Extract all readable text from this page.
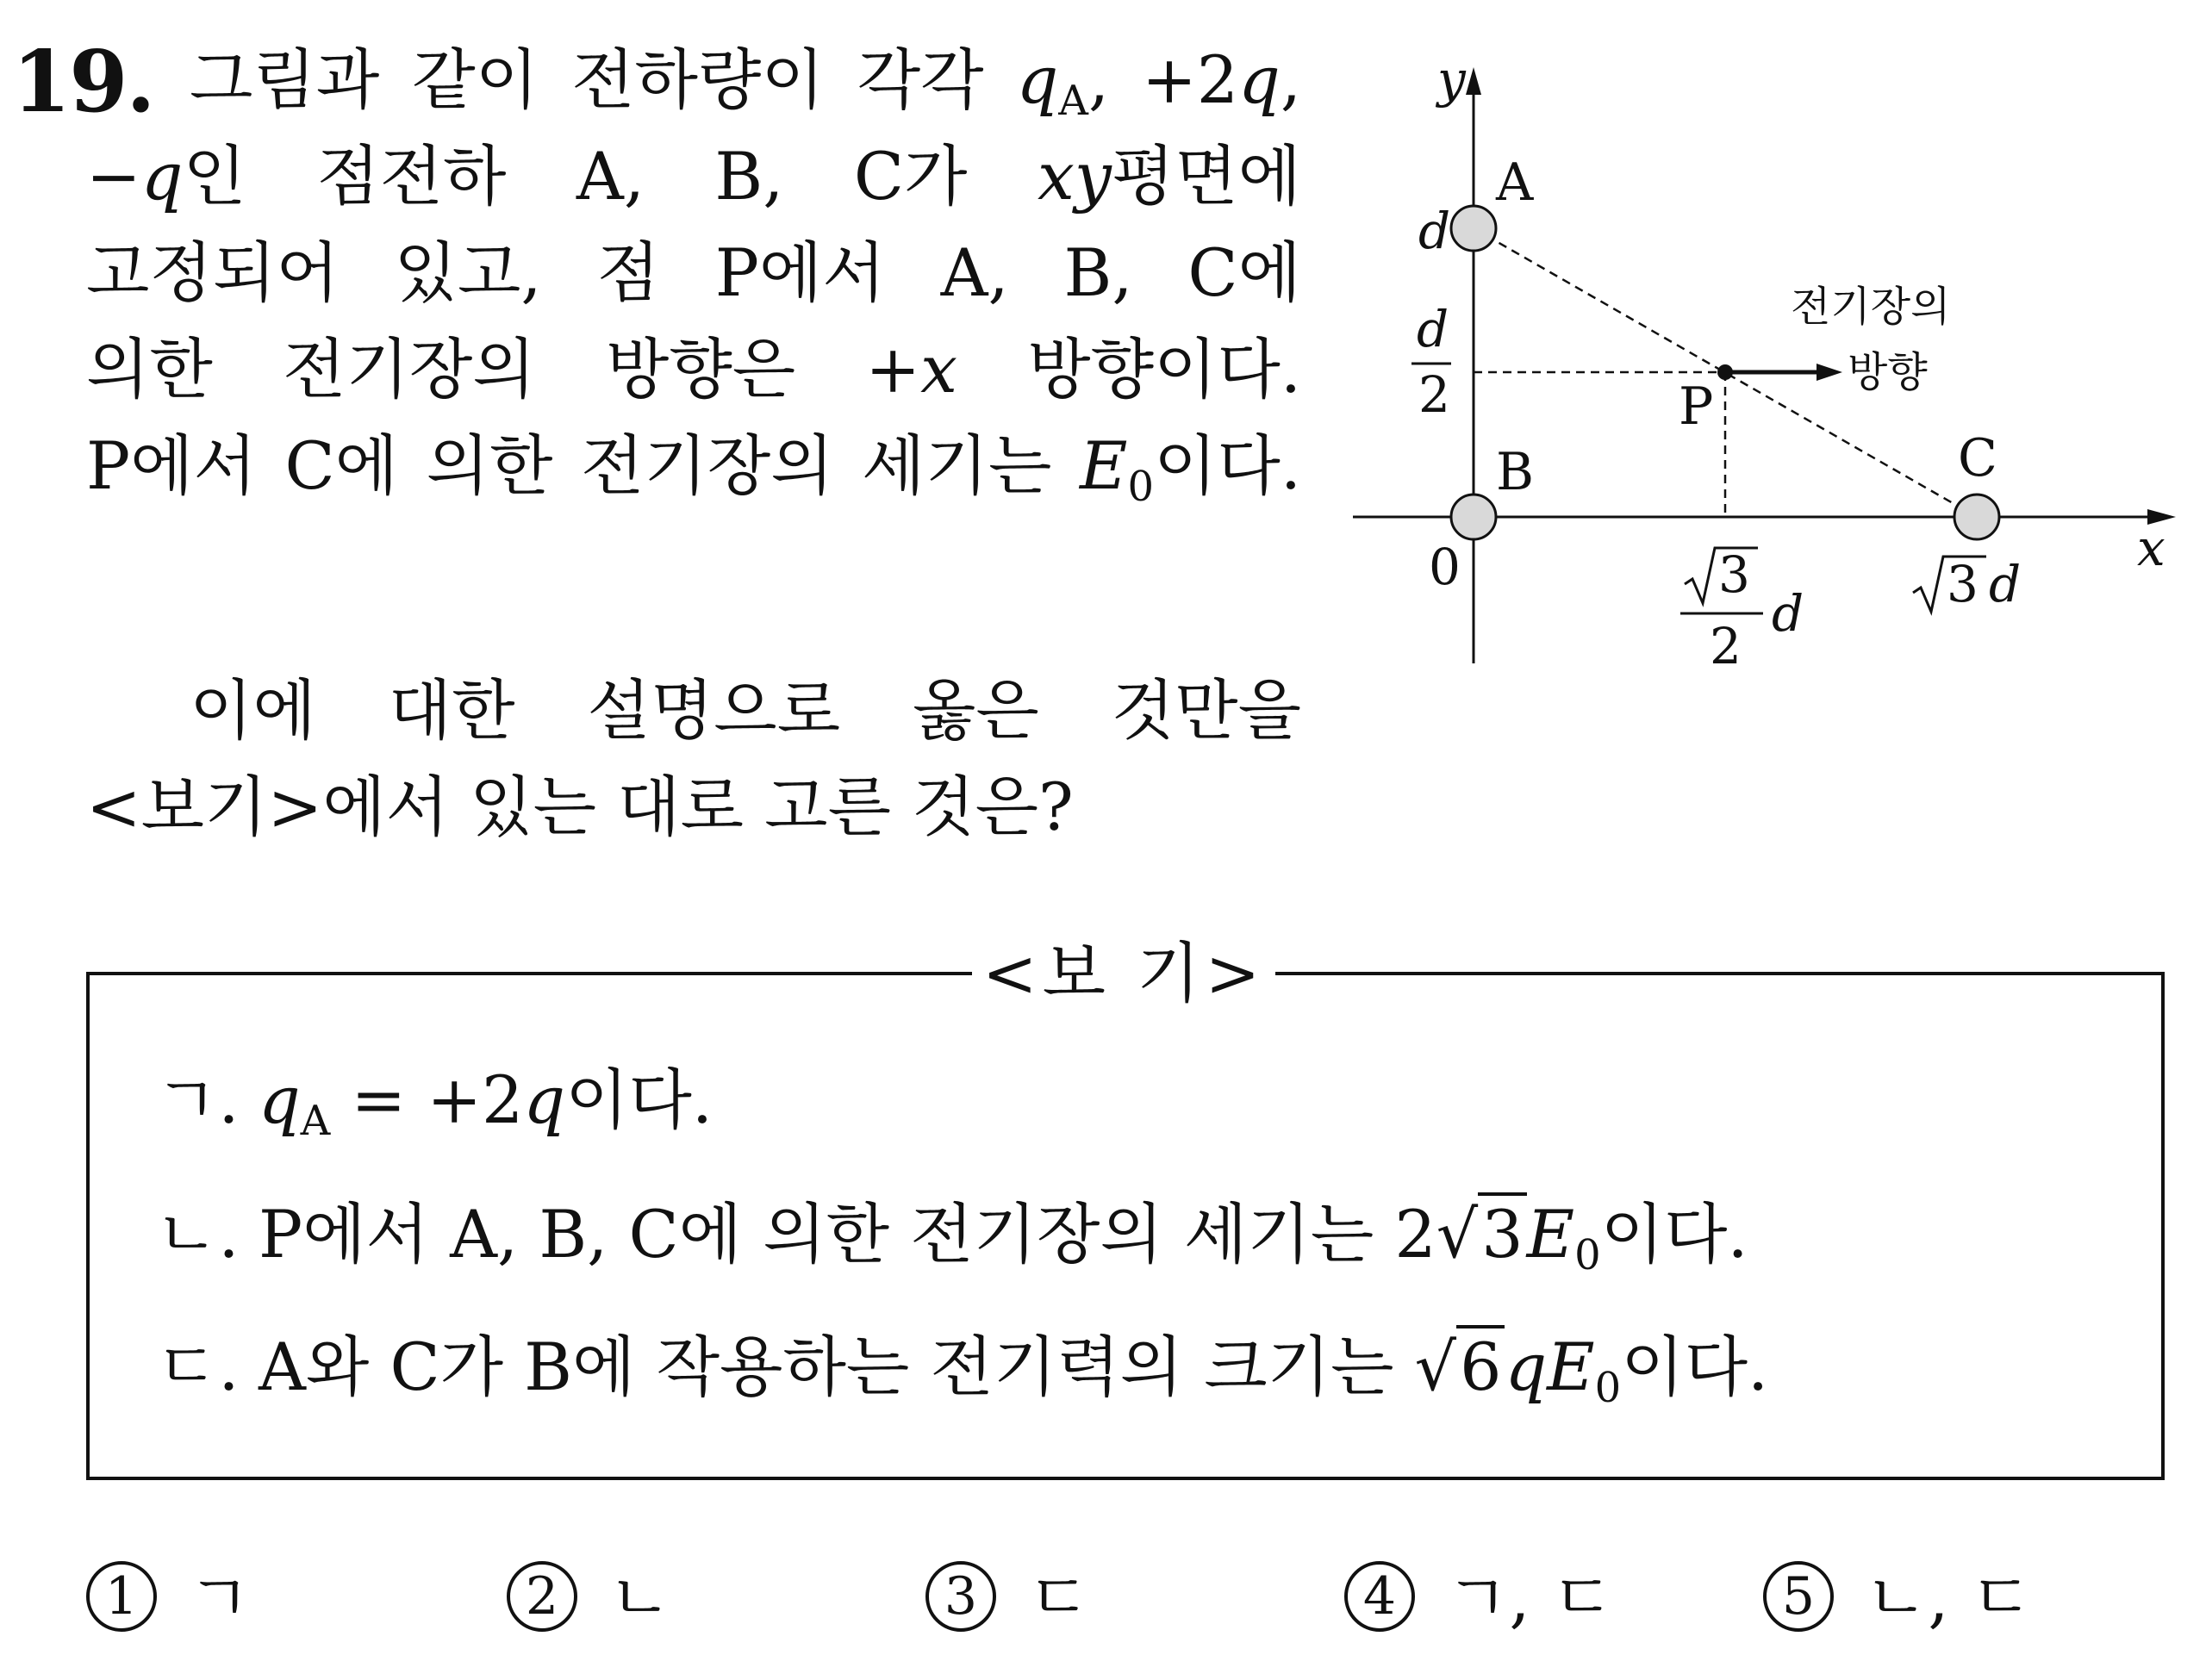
19. 그림과 같이 전하량이 각각 $q_A$, +2q,
−q인 점전하 A, B, C가 xy평면에
고정되어 있고, 점 P에서 A, B, C에
의한 전기장의 방향은 +x 방향이다.
P에서 C에 의한 전기장의 세기는 $E_0$이다.
이에 대한 설명으로 옳은 것만을
<보기>에서 있는 대로 고른 것은?
y
x
0
A
B	C
P
d
d
2
3
2
d	3 d
전기장의
방향
<보 기>
ㄱ. $q_A = +2q$이다.
ㄴ. P에서 A, B, C에 의한 전기장의 세기는 $2√3E_0$이다.
ㄷ. A와 C가 B에 작용하는 전기력의 크기는 $√6qE_0$이다.
1 ㄱ	2 ㄴ	3 ㄷ	4 ㄱ, ㄷ	5 ㄴ, ㄷ
